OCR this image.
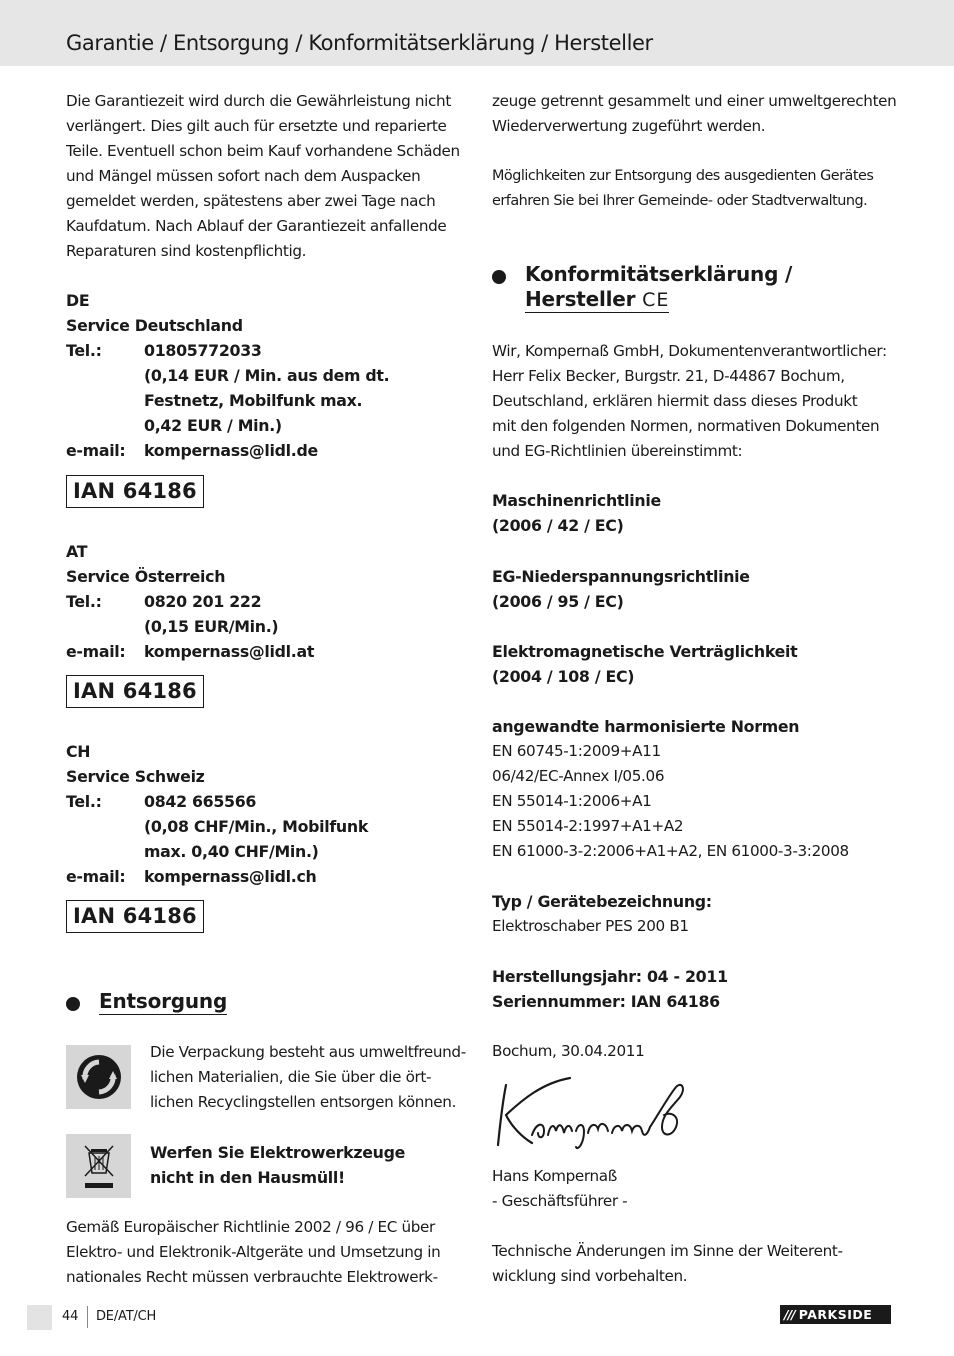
Garantie / Entsorgung / Konformitätserklärung / Hersteller
Die Garantiezeit wird durch die Gewährleistung nicht
verlängert. Dies gilt auch für ersetzte und reparierte
Teile. Eventuell schon beim Kauf vorhandene Schäden
und Mängel müssen sofort nach dem Auspacken
gemeldet werden, spätestens aber zwei Tage nach
Kaufdatum. Nach Ablauf der Garantiezeit anfallende
Reparaturen sind kostenpflichtig.
DE
Service Deutschland
Tel.:	01805772033
(0,14 EUR / Min. aus dem dt.
Festnetz, Mobilfunk max.
0,42 EUR / Min.)
e-mail:	kompernass@lidl.de
IAN 64186
AT
Service Österreich
Tel.:	0820 201 222
(0,15 EUR/Min.)
e-mail:	kompernass@lidl.at
IAN 64186
CH
Service Schweiz
Tel.:	0842 665566
(0,08 CHF/Min., Mobilfunk
max. 0,40 CHF/Min.)
e-mail:	kompernass@lidl.ch
IAN 64186
Entsorgung
Die Verpackung besteht aus umweltfreund-
lichen Materialien, die Sie über die ört-
lichen Recyclingstellen entsorgen können.
Werfen Sie Elektrowerkzeuge
nicht in den Hausmüll!
Gemäß Europäischer Richtlinie 2002 / 96 / EC über
Elektro- und Elektronik-Altgeräte und Umsetzung in
nationales Recht müssen verbrauchte Elektrowerk-
zeuge getrennt gesammelt und einer umweltgerechten
Wiederverwertung zugeführt werden.
Möglichkeiten zur Entsorgung des ausgedienten Gerätes
erfahren Sie bei Ihrer Gemeinde- oder Stadtverwaltung.
Konformitätserklärung /
Hersteller CE
Wir, Kompernaß GmbH, Dokumentenverantwortlicher:
Herr Felix Becker, Burgstr. 21, D-44867 Bochum,
Deutschland, erklären hiermit dass dieses Produkt
mit den folgenden Normen, normativen Dokumenten
und EG-Richtlinien übereinstimmt:
Maschinenrichtlinie
(2006 / 42 / EC)
EG-Niederspannungsrichtlinie
(2006 / 95 / EC)
Elektromagnetische Verträglichkeit
(2004 / 108 / EC)
angewandte harmonisierte Normen
EN 60745-1:2009+A11
06/42/EC-Annex I/05.06
EN 55014-1:2006+A1
EN 55014-2:1997+A1+A2
EN 61000-3-2:2006+A1+A2, EN 61000-3-3:2008
Typ / Gerätebezeichnung:
Elektroschaber PES 200 B1
Herstellungsjahr: 04 - 2011
Seriennummer: IAN 64186
Bochum, 30.04.2011
Hans Kompernaß
- Geschäftsführer -
Technische Änderungen im Sinne der Weiterent-
wicklung sind vorbehalten.
44 DE/AT/CH	/// PARKSIDE
